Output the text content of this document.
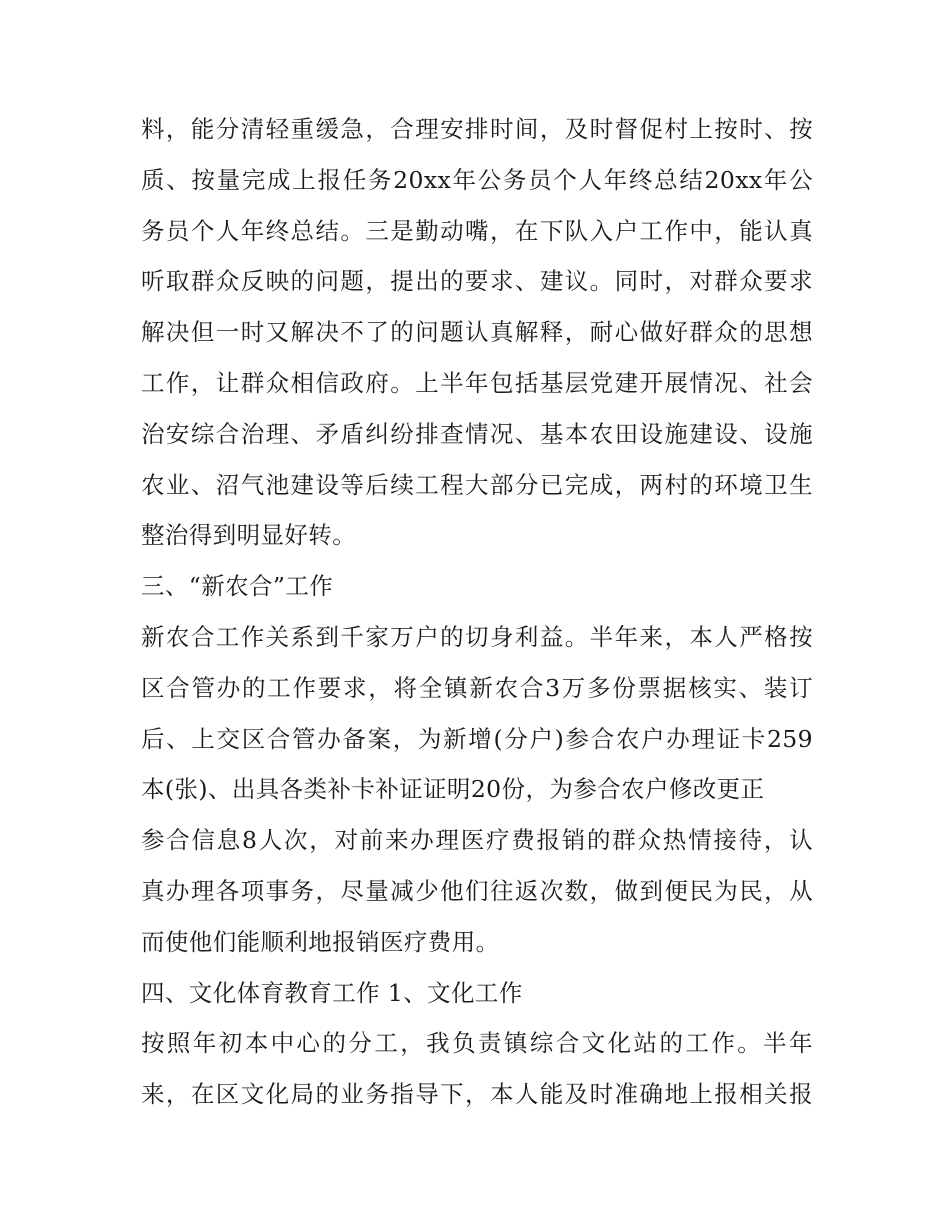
料，能分清轻重缓急，合理安排时间，及时督促村上按时、按
质、按量完成上报任务20xx年公务员个人年终总结20xx年公
务员个人年终总结。三是勤动嘴，在下队入户工作中，能认真
听取群众反映的问题，提出的要求、建议。同时，对群众要求
解决但一时又解决不了的问题认真解释，耐心做好群众的思想
工作，让群众相信政府。上半年包括基层党建开展情况、社会
治安综合治理、矛盾纠纷排查情况、基本农田设施建设、设施
农业、沼气池建设等后续工程大部分已完成，两村的环境卫生
整治得到明显好转。
三、“新农合”工作
新农合工作关系到千家万户的切身利益。半年来，本人严格按
区合管办的工作要求，将全镇新农合3万多份票据核实、装订
后、上交区合管办备案，为新增(分户)参合农户办理证卡259
本(张)、出具各类补卡补证证明20份，为参合农户修改更正
参合信息8人次，对前来办理医疗费报销的群众热情接待，认
真办理各项事务，尽量减少他们往返次数，做到便民为民，从
而使他们能顺利地报销医疗费用。
四、文化体育教育工作 1、文化工作
按照年初本中心的分工，我负责镇综合文化站的工作。半年
来，在区文化局的业务指导下，本人能及时准确地上报相关报
